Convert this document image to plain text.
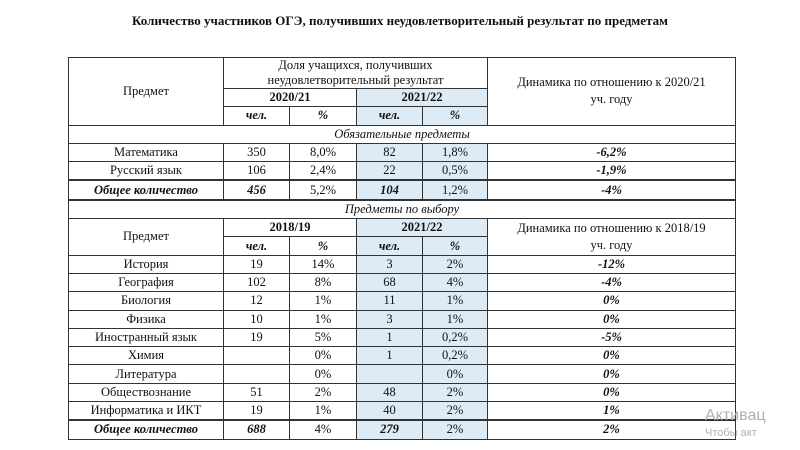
Количество участников ОГЭ, получивших неудовлетворительный результат по предметам
Предмет	Доля учащихся, получивших неудовлетворительный результат				Динамика по отношению к 2020/21 уч. году
	2020/21		2021/22		
	чел.	%	чел.	%	
Обязательные предметы					
Математика	350	8,0%	82	1,8%	-6,2%
Русский язык	106	2,4%	22	0,5%	-1,9%
Общее количество	456	5,2%	104	1,2%	-4%
Предметы по выбору					
Предмет	2018/19		2021/22		Динамика по отношению к 2018/19 уч. году
	чел.	%	чел.	%	
История	19	14%	3	2%	-12%
География	102	8%	68	4%	-4%
Биология	12	1%	11	1%	0%
Физика	10	1%	3	1%	0%
Иностранный язык	19	5%	1	0,2%	-5%
Химия		0%	1	0,2%	0%
Литература		0%		0%	0%
Обществознание	51	2%	48	2%	0%
Информатика и ИКТ	19	1%	40	2%	1%
Общее количество	688	4%	279	2%	2%
Активац
Чтобы акт
